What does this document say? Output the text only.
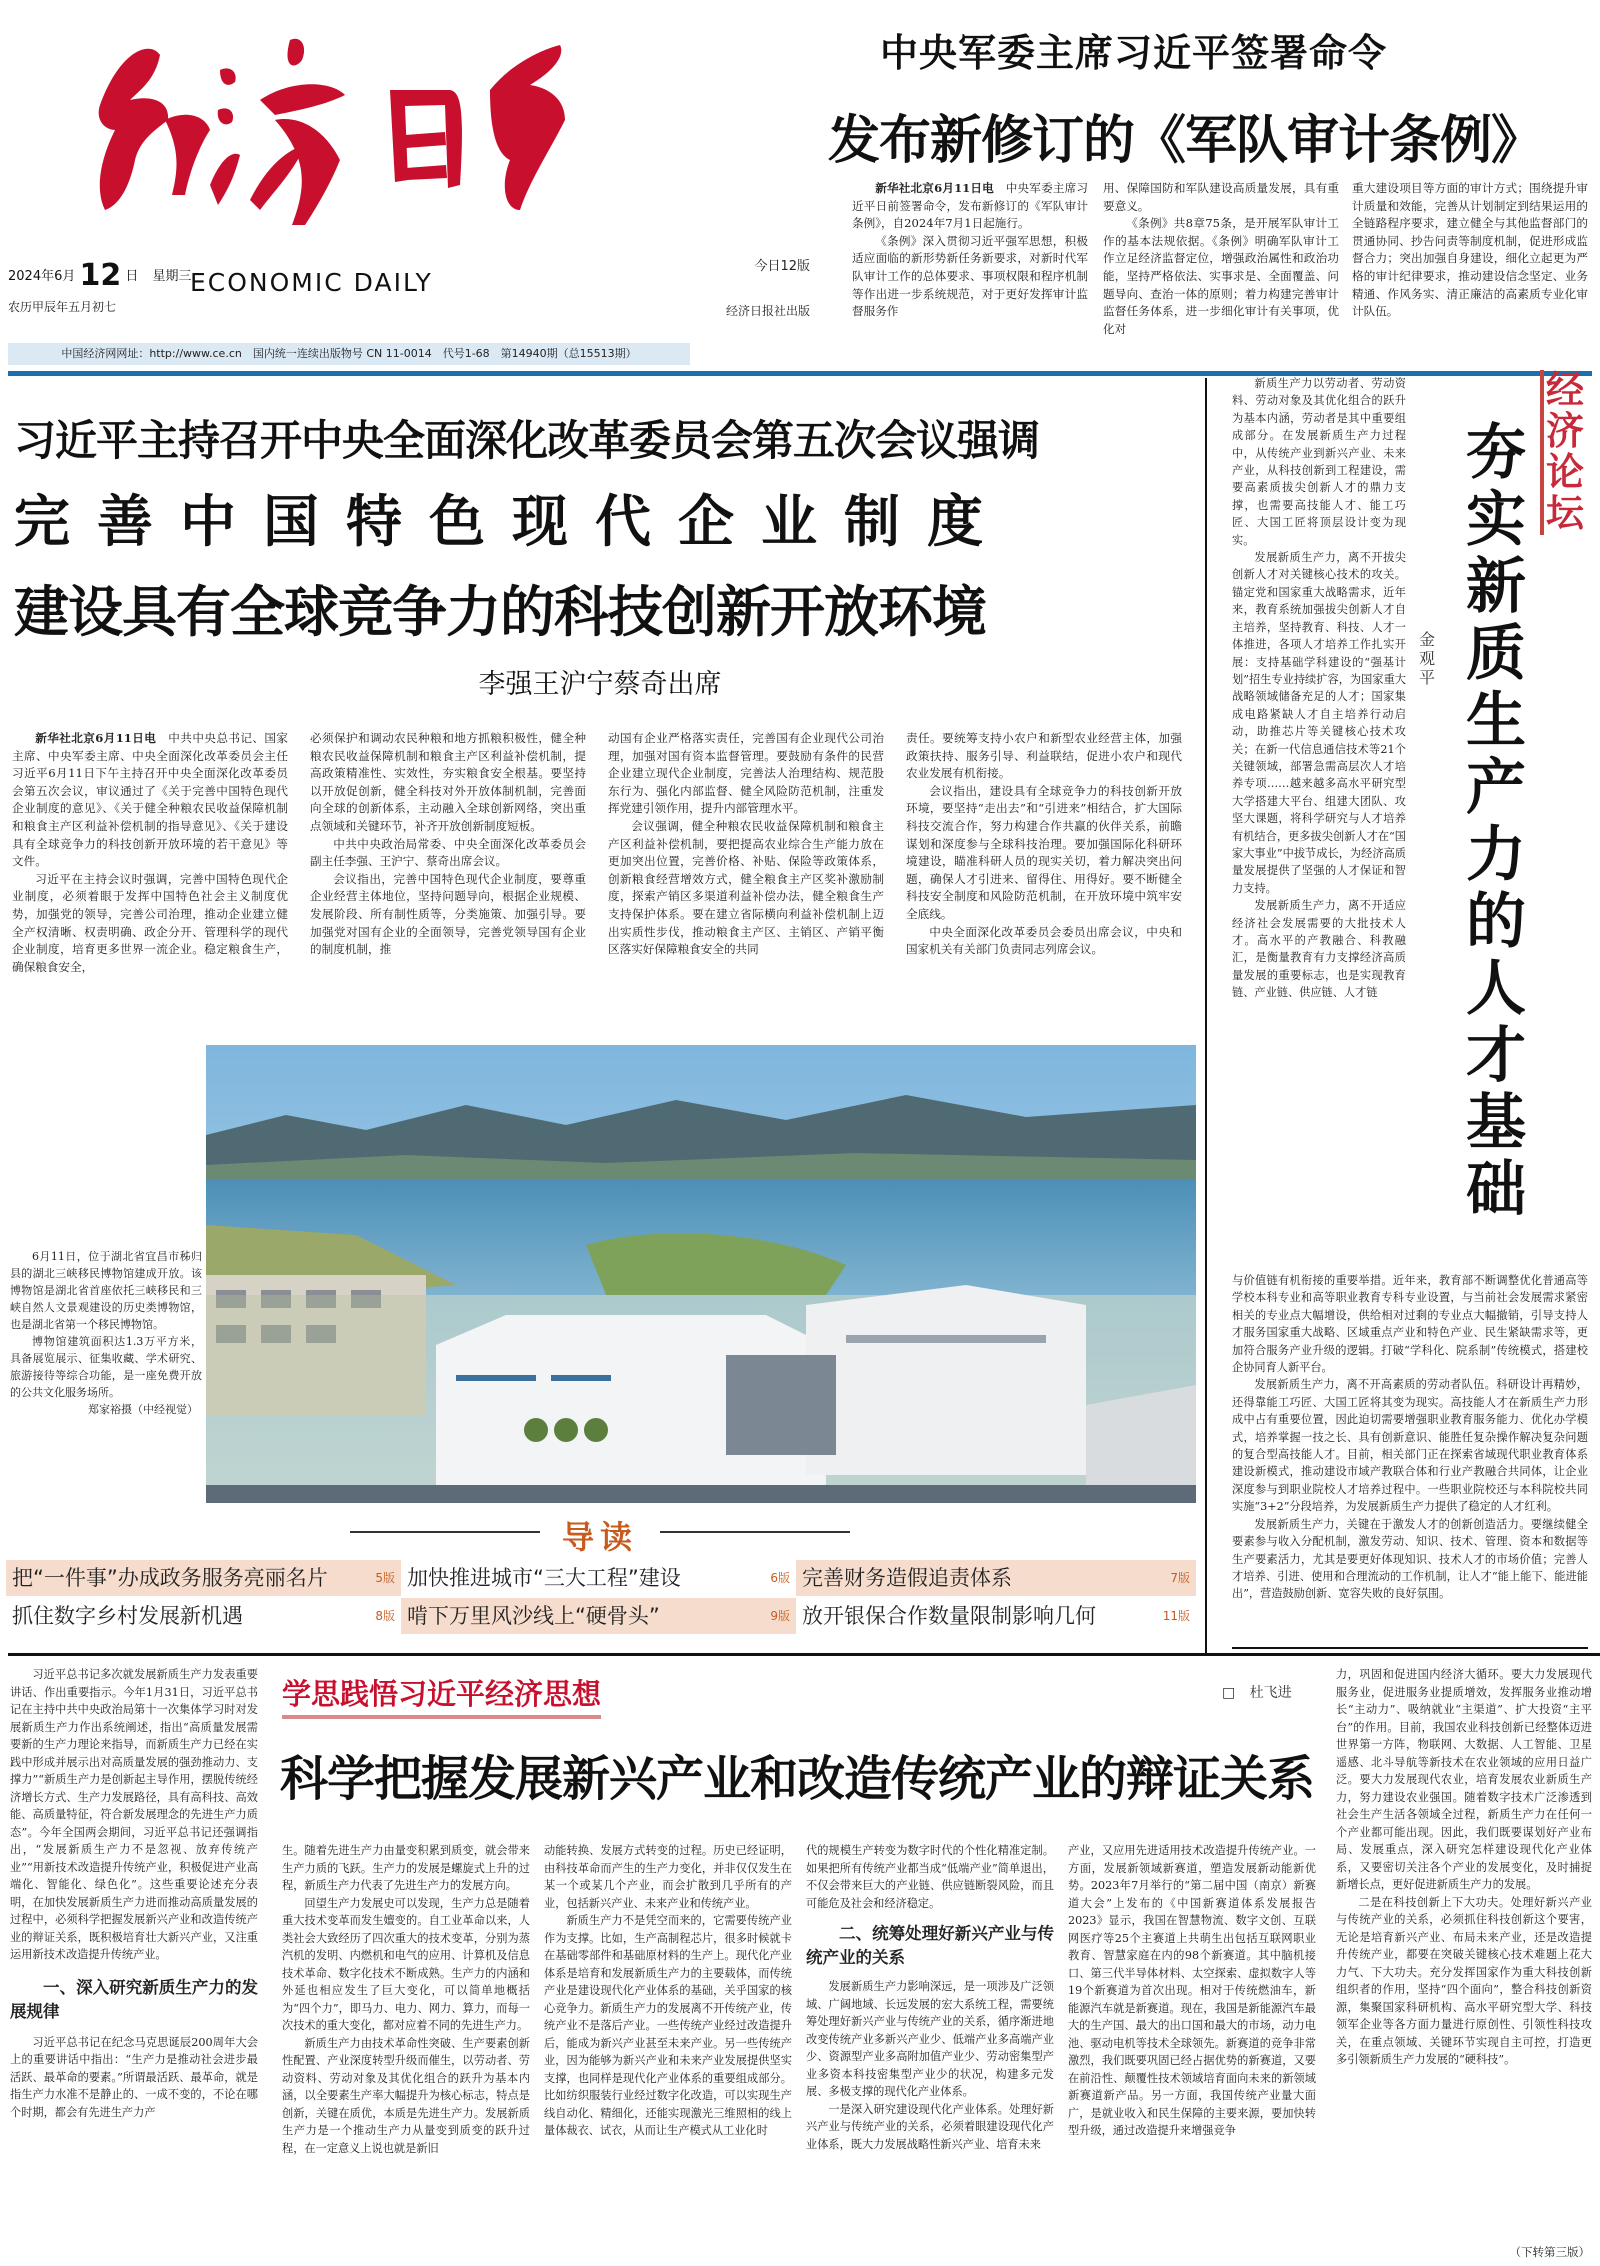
2024年6月 12 日 星期三
农历甲辰年五月初七
ECONOMIC DAILY
今日12版
经济日报社出版
中国经济网网址：http://www.ce.cn　国内统一连续出版物号 CN 11-0014　代号1-68　第14940期（总15513期）
中央军委主席习近平签署命令
发布新修订的《军队审计条例》

新华社北京6月11日电　中央军委主席习近平日前签署命令，发布新修订的《军队审计条例》，自2024年7月1日起施行。

《条例》深入贯彻习近平强军思想，积极适应面临的新形势新任务新要求，对新时代军队审计工作的总体要求、事项权限和程序机制等作出进一步系统规范，对于更好发挥审计监督服务作

用、保障国防和军队建设高质量发展，具有重要意义。

《条例》共8章75条，是开展军队审计工作的基本法规依据。《条例》明确军队审计工作立足经济监督定位，增强政治属性和政治功能，坚持严格依法、实事求是、全面覆盖、问题导向、查治一体的原则；着力构建完善审计监督任务体系，进一步细化审计有关事项，优化对

重大建设项目等方面的审计方式；围绕提升审计质量和效能，完善从计划制定到结果运用的全链路程序要求，建立健全与其他监督部门的贯通协同、抄告问责等制度机制，促进形成监督合力；突出加强自身建设，细化立起更为严格的审计纪律要求，推动建设信念坚定、业务精通、作风务实、清正廉洁的高素质专业化审计队伍。

习近平主持召开中央全面深化改革委员会第五次会议强调
完善中国特色现代企业制度
建设具有全球竞争力的科技创新开放环境
李强王沪宁蔡奇出席

新华社北京6月11日电　中共中央总书记、国家主席、中央军委主席、中央全面深化改革委员会主任习近平6月11日下午主持召开中央全面深化改革委员会第五次会议，审议通过了《关于完善中国特色现代企业制度的意见》、《关于健全种粮农民收益保障机制和粮食主产区利益补偿机制的指导意见》、《关于建设具有全球竞争力的科技创新开放环境的若干意见》等文件。

习近平在主持会议时强调，完善中国特色现代企业制度，必须着眼于发挥中国特色社会主义制度优势，加强党的领导，完善公司治理，推动企业建立健全产权清晰、权责明确、政企分开、管理科学的现代企业制度，培育更多世界一流企业。稳定粮食生产，确保粮食安全，

必须保护和调动农民种粮和地方抓粮积极性，健全种粮农民收益保障机制和粮食主产区利益补偿机制，提高政策精准性、实效性，夯实粮食安全根基。要坚持以开放促创新，健全科技对外开放体制机制，完善面向全球的创新体系，主动融入全球创新网络，突出重点领域和关键环节，补齐开放创新制度短板。

中共中央政治局常委、中央全面深化改革委员会副主任李强、王沪宁、蔡奇出席会议。

会议指出，完善中国特色现代企业制度，要尊重企业经营主体地位，坚持问题导向，根据企业规模、发展阶段、所有制性质等，分类施策、加强引导。要加强党对国有企业的全面领导，完善党领导国有企业的制度机制，推

动国有企业严格落实责任，完善国有企业现代公司治理，加强对国有资本监督管理。要鼓励有条件的民营企业建立现代企业制度，完善法人治理结构、规范股东行为、强化内部监督、健全风险防范机制，注重发挥党建引领作用，提升内部管理水平。

会议强调，健全种粮农民收益保障机制和粮食主产区利益补偿机制，要把提高农业综合生产能力放在更加突出位置，完善价格、补贴、保险等政策体系，创新粮食经营增效方式，健全粮食主产区奖补激励制度，探索产销区多渠道利益补偿办法，健全粮食生产支持保护体系。要在建立省际横向利益补偿机制上迈出实质性步伐，推动粮食主产区、主销区、产销平衡区落实好保障粮食安全的共同

责任。要统筹支持小农户和新型农业经营主体，加强政策扶持、服务引导、利益联结，促进小农户和现代农业发展有机衔接。

会议指出，建设具有全球竞争力的科技创新开放环境，要坚持“走出去”和“引进来”相结合，扩大国际科技交流合作，努力构建合作共赢的伙伴关系，前瞻谋划和深度参与全球科技治理。要加强国际化科研环境建设，瞄准科研人员的现实关切，着力解决突出问题，确保人才引进来、留得住、用得好。要不断健全科技安全制度和风险防范机制，在开放环境中筑牢安全底线。

中央全面深化改革委员会委员出席会议，中央和国家机关有关部门负责同志列席会议。

6月11日，位于湖北省宜昌市秭归县的湖北三峡移民博物馆建成开放。该博物馆是湖北省首座依托三峡移民和三峡自然人文景观建设的历史类博物馆，也是湖北省第一个移民博物馆。

博物馆建筑面积达1.3万平方米，具备展览展示、征集收藏、学术研究、旅游接待等综合功能，是一座免费开放的公共文化服务场所。

郑家裕摄（中经视觉）
导读
把“一件事”办成政务服务亮丽名片	5版 加快推进城市“三大工程”建设	6版 完善财务造假追责体系	7版
抓住数字乡村发展新机遇	8版 啃下万里风沙线上“硬骨头”	9版 放开银保合作数量限制影响几何	11版
经济论坛
夯实新质生产力的人才基础
金观平

新质生产力以劳动者、劳动资料、劳动对象及其优化组合的跃升为基本内涵，劳动者是其中重要组成部分。在发展新质生产力过程中，从传统产业到新兴产业、未来产业，从科技创新到工程建设，需要高素质拔尖创新人才的鼎力支撑，也需要高技能人才、能工巧匠、大国工匠将顶层设计变为现实。

发展新质生产力，离不开拔尖创新人才对关键核心技术的攻关。锚定党和国家重大战略需求，近年来，教育系统加强拔尖创新人才自主培养，坚持教育、科技、人才一体推进，各项人才培养工作扎实开展：支持基础学科建设的“强基计划”招生专业持续扩容，为国家重大战略领域储备充足的人才；国家集成电路紧缺人才自主培养行动启动，助推芯片等关键核心技术攻关；在新一代信息通信技术等21个关键领域，部署急需高层次人才培养专项……越来越多高水平研究型大学搭建大平台、组建大团队、攻坚大课题，将科学研究与人才培养有机结合，更多拔尖创新人才在“国家大事业”中拔节成长，为经济高质量发展提供了坚强的人才保证和智力支持。

发展新质生产力，离不开适应经济社会发展需要的大批技术人才。高水平的产教融合、科教融汇，是衡量教育有力支撑经济高质量发展的重要标志，也是实现教育链、产业链、供应链、人才链

与价值链有机衔接的重要举措。近年来，教育部不断调整优化普通高等学校本科专业和高等职业教育专科专业设置，与当前社会发展需求紧密相关的专业点大幅增设，供给相对过剩的专业点大幅撤销，引导支持人才服务国家重大战略、区域重点产业和特色产业、民生紧缺需求等，更加符合服务产业升级的逻辑。打破“学科化、院系制”传统模式，搭建校企协同育人新平台。

发展新质生产力，离不开高素质的劳动者队伍。科研设计再精妙，还得靠能工巧匠、大国工匠将其变为现实。高技能人才在新质生产力形成中占有重要位置，因此迫切需要增强职业教育服务能力、优化办学模式，培养掌握一技之长、具有创新意识、能胜任复杂操作解决复杂问题的复合型高技能人才。目前，相关部门正在探索省域现代职业教育体系建设新模式，推动建设市域产教联合体和行业产教融合共同体，让企业深度参与到职业院校人才培养过程中。一些职业院校还与本科院校共同实施“3+2”分段培养，为发展新质生产力提供了稳定的人才红利。

发展新质生产力，关键在于激发人才的创新创造活力。要继续健全要素参与收入分配机制，激发劳动、知识、技术、管理、资本和数据等生产要素活力，尤其是要更好体现知识、技术人才的市场价值；完善人才培养、引进、使用和合理流动的工作机制，让人才“能上能下、能进能出”，营造鼓励创新、宽容失败的良好氛围。

学思践悟习近平经济思想	□ 杜飞进
科学把握发展新兴产业和改造传统产业的辩证关系

习近平总书记多次就发展新质生产力发表重要讲话、作出重要指示。今年1月31日，习近平总书记在主持中共中央政治局第十一次集体学习时对发展新质生产力作出系统阐述，指出“高质量发展需要新的生产力理论来指导，而新质生产力已经在实践中形成并展示出对高质量发展的强劲推动力、支撑力”“新质生产力是创新起主导作用，摆脱传统经济增长方式、生产力发展路径，具有高科技、高效能、高质量特征，符合新发展理念的先进生产力质态”。今年全国两会期间，习近平总书记还强调指出，“发展新质生产力不是忽视、放弃传统产业”“用新技术改造提升传统产业，积极促进产业高端化、智能化、绿色化”。这些重要论述充分表明，在加快发展新质生产力进而推动高质量发展的过程中，必须科学把握发展新兴产业和改造传统产业的辩证关系，既积极培育壮大新兴产业，又注重运用新技术改造提升传统产业。

一、深入研究新质生产力的发展规律

习近平总书记在纪念马克思诞辰200周年大会上的重要讲话中指出：“生产力是推动社会进步最活跃、最革命的要素。”所谓最活跃、最革命，就是指生产力水准不是静止的、一成不变的，不论在哪个时期，都会有先进生产力产

生。随着先进生产力由量变积累到质变，就会带来生产力质的飞跃。生产力的发展是螺旋式上升的过程，新质生产力代表了先进生产力的发展方向。

回望生产力发展史可以发现，生产力总是随着重大技术变革而发生嬗变的。自工业革命以来，人类社会大致经历了四次重大的技术变革，分别为蒸汽机的发明、内燃机和电气的应用、计算机及信息技术革命、数字化技术不断成熟。生产力的内涵和外延也相应发生了巨大变化，可以简单地概括为“四个力”，即马力、电力、网力、算力，而每一次技术的重大变化，都对应着不同的先进生产力。

新质生产力由技术革命性突破、生产要素创新性配置、产业深度转型升级而催生，以劳动者、劳动资料、劳动对象及其优化组合的跃升为基本内涵，以全要素生产率大幅提升为核心标志，特点是创新，关键在质优，本质是先进生产力。发展新质生产力是一个推动生产力从量变到质变的跃升过程，在一定意义上说也就是新旧

动能转换、发展方式转变的过程。历史已经证明，由科技革命而产生的生产力变化，并非仅仅发生在某一个或某几个产业，而会扩散到几乎所有的产业，包括新兴产业、未来产业和传统产业。

新质生产力不是凭空而来的，它需要传统产业作为支撑。比如，生产高制程芯片，很多时候就卡在基础零部件和基础原材料的生产上。现代化产业体系是培育和发展新质生产力的主要载体，而传统产业是建设现代化产业体系的基础，关乎国家的核心竞争力。新质生产力的发展离不开传统产业，传统产业不是落后产业。一些传统产业经过改造提升后，能成为新兴产业甚至未来产业。另一些传统产业，因为能够为新兴产业和未来产业发展提供坚实支撑，也同样是现代化产业体系的重要组成部分。比如纺织服装行业经过数字化改造，可以实现生产线自动化、精细化，还能实现激光三维照相的线上量体裁衣、试衣，从而让生产模式从工业化时

代的规模生产转变为数字时代的个性化精准定制。如果把所有传统产业都当成“低端产业”简单退出，不仅会带来巨大的产业链、供应链断裂风险，而且可能危及社会和经济稳定。

二、统筹处理好新兴产业与传统产业的关系

发展新质生产力影响深远，是一项涉及广泛领域、广阔地域、长远发展的宏大系统工程，需要统筹处理好新兴产业与传统产业的关系，循序渐进地改变传统产业多新兴产业少、低端产业多高端产业少、资源型产业多高附加值产业少、劳动密集型产业多资本科技密集型产业少的状况，构建多元发展、多极支撑的现代化产业体系。

一是深入研究建设现代化产业体系。处理好新兴产业与传统产业的关系，必须着眼建设现代化产业体系，既大力发展战略性新兴产业、培育未来

产业，又应用先进适用技术改造提升传统产业。一方面，发展新领域新赛道，塑造发展新动能新优势。2023年7月举行的“第二届中国（南京）新赛道大会”上发布的《中国新赛道体系发展报告2023》显示，我国在智慧物流、数字文创、互联网医疗等25个主赛道上共萌生出包括互联网职业教育、智慧家庭在内的98个新赛道。其中脑机接口、第三代半导体材料、太空探索、虚拟数字人等19个新赛道为首次出现。相对于传统燃油车，新能源汽车就是新赛道。现在，我国是新能源汽车最大的生产国、最大的出口国和最大的市场，动力电池、驱动电机等技术全球领先。新赛道的竞争非常激烈，我们既要巩固已经占据优势的新赛道，又要在前沿性、颠覆性技术领域培育面向未来的新领域新赛道新产品。另一方面，我国传统产业量大面广，是就业收入和民生保障的主要来源，要加快转型升级，通过改造提升来增强竞争

力，巩固和促进国内经济大循环。要大力发展现代服务业，促进服务业提质增效，发挥服务业推动增长“主动力”、吸纳就业“主渠道”、扩大投资“主平台”的作用。目前，我国农业科技创新已经整体迈进世界第一方阵，物联网、大数据、人工智能、卫星遥感、北斗导航等新技术在农业领域的应用日益广泛。要大力发展现代农业，培育发展农业新质生产力，努力建设农业强国。随着数字技术广泛渗透到社会生产生活各领域全过程，新质生产力在任何一个产业都可能出现。因此，我们既要谋划好产业布局、发展重点，深入研究怎样建设现代化产业体系，又要密切关注各个产业的发展变化，及时捕捉新增长点，更好促进新质生产力的发展。

二是在科技创新上下大功夫。处理好新兴产业与传统产业的关系，必须抓住科技创新这个要害，无论是培育新兴产业、布局未来产业，还是改造提升传统产业，都要在突破关键核心技术难题上花大力气、下大功夫。充分发挥国家作为重大科技创新组织者的作用，坚持“四个面向”，整合科技创新资源，集聚国家科研机构、高水平研究型大学、科技领军企业等各方面力量进行原创性、引领性科技攻关，在重点领域、关键环节实现自主可控，打造更多引领新质生产力发展的“硬科技”。

（下转第三版）
